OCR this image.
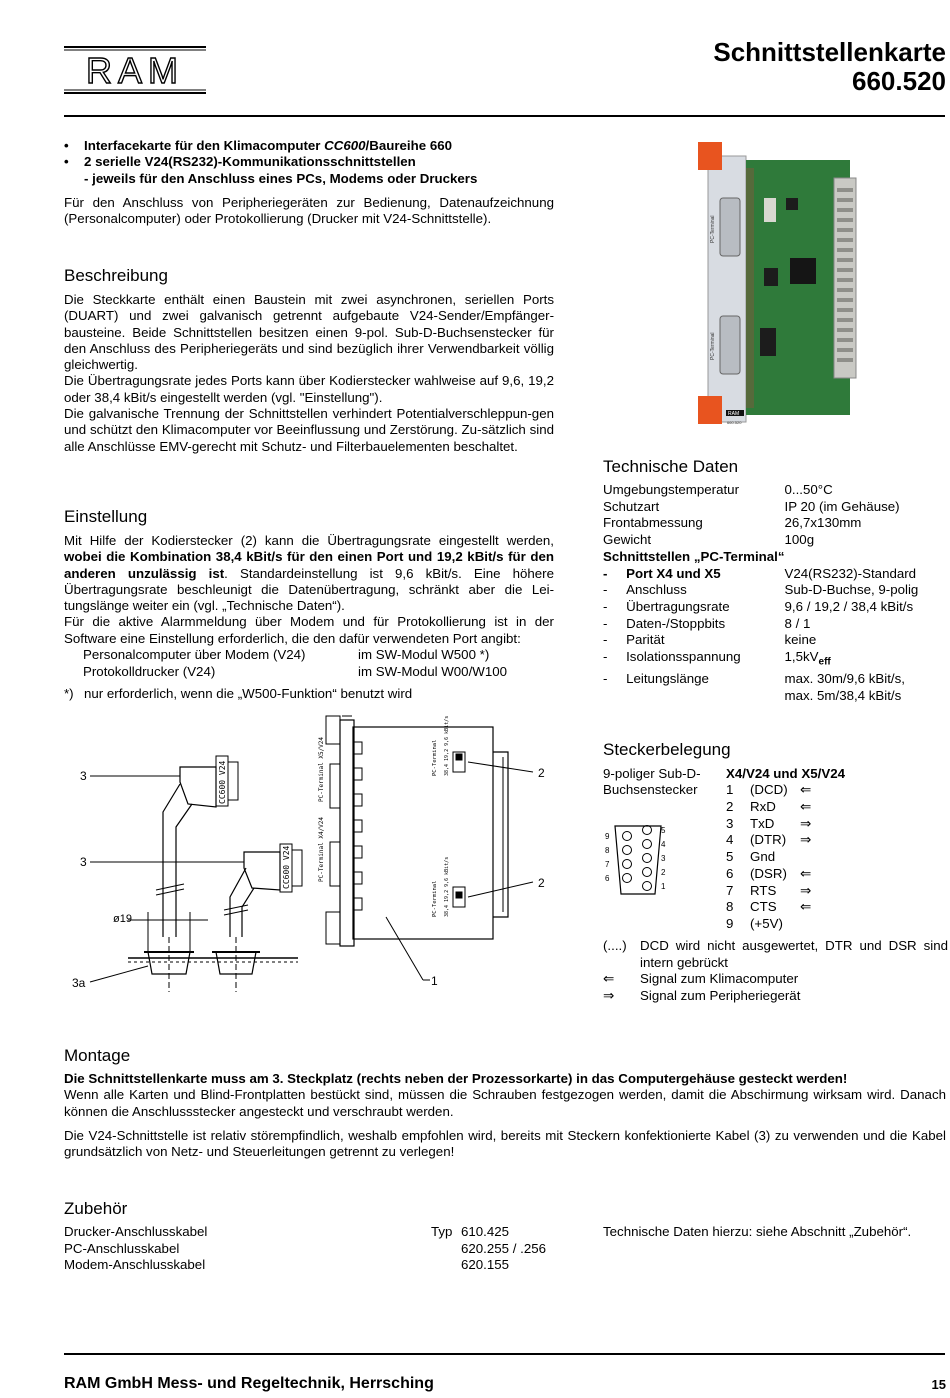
RAM	Schnittstellenkarte
660.520
• Interfacekarte für den Klimacomputer CC600/Baureihe 660
• 2 serielle V24(RS232)-Kommunikationsschnittstellen
- jeweils für den Anschluss eines PCs, Modems oder Druckers

Für den Anschluss von Peripheriegeräten zur Bedienung, Datenaufzeichnung (Personalcomputer) oder Protokollierung (Drucker mit V24-Schnittstelle).

Beschreibung

Die Steckkarte enthält einen Baustein mit zwei asynchronen, seriellen Ports (DUART) und zwei galvanisch getrennt aufgebaute V24-Sender/Empfänger-bausteine. Beide Schnittstellen besitzen einen 9-pol. Sub-D-Buchsenstecker für den Anschluss des Peripheriegeräts und sind bezüglich ihrer Verwendbarkeit völlig gleichwertig.

Die Übertragungsrate jedes Ports kann über Kodierstecker wahlweise auf 9,6, 19,2 oder 38,4 kBit/s eingestellt werden (vgl. "Einstellung").

Die galvanische Trennung der Schnittstellen verhindert Potentialverschleppun-gen und schützt den Klimacomputer vor Beeinflussung und Zerstörung. Zu-sätzlich sind alle Anschlüsse EMV-gerecht mit Schutz- und Filterbauelementen beschaltet.

Einstellung

Mit Hilfe der Kodierstecker (2) kann die Übertragungsrate eingestellt werden, wobei die Kombination 38,4 kBit/s für den einen Port und 19,2 kBit/s für den anderen unzulässig ist. Standardeinstellung ist 9,6 kBit/s. Eine höhere Übertragungsrate beschleunigt die Datenübertragung, schränkt aber die Lei-tungslänge weiter ein (vgl. „Technische Daten“).

Für die aktive Alarmmeldung über Modem und für Protokollierung ist in der Software eine Einstellung erforderlich, die den dafür verwendeten Port angibt:

Personalcomputer über Modem (V24)	im SW-Modul W500 *)
Protokolldrucker (V24)	im SW-Modul W00/W100
*) nur erforderlich, wenn die „W500-Funktion“ benutzt wird
3
3
3a
ø19
2
2
1
CC600 V24
CC600 V24
PC-Terminal X5/V24
PC-Terminal X4/V24
PC-Terminal 38,4 19,2 9,6 kBit/s
PC-Terminal 38,4 19,2 9,6 kBit/s
PC-Terminal
PC-Terminal
RAM
660.520
Technische Daten
Umgebungstemperatur		0...50°C
Schutzart		IP 20 (im Gehäuse)
Frontabmessung		26,7x130mm
Gewicht		100g
Schnittstellen „PC-Terminal“		
-	Port X4 und X5	V24(RS232)-Standard
-	Anschluss	Sub-D-Buchse, 9-polig
-	Übertragungsrate	9,6 / 19,2 / 38,4 kBit/s
-	Daten-/Stoppbits	8 / 1
-	Parität	keine
-	Isolationsspannung	$1,5kV_{eff}$
-	Leitungslänge	max. 30m/9,6 kBit/s,
		max. 5m/38,4 kBit/s
Steckerbelegung
9-poliger Sub-D-
Buchsenstecker
9
8
7
6
5
4
3
2
1
X4/V24 und X5/V24
1	(DCD)	⇐
2	RxD	⇐
3	TxD	⇒
4	(DTR)	⇒
5	Gnd	
6	(DSR)	⇐
7	RTS	⇒
8	CTS	⇐
9	(+5V)	
(....)	DCD wird nicht ausgewertet, DTR und DSR sind intern gebrückt
⇐	Signal zum Klimacomputer
⇒	Signal zum Peripheriegerät
Montage

Die Schnittstellenkarte muss am 3. Steckplatz (rechts neben der Prozessorkarte) in das Computergehäuse gesteckt werden!

Wenn alle Karten und Blind-Frontplatten bestückt sind, müssen die Schrauben festgezogen werden, damit die Abschirmung wirksam wird. Danach können die Anschlussstecker angesteckt und verschraubt werden.

Die V24-Schnittstelle ist relativ störempfindlich, weshalb empfohlen wird, bereits mit Steckern konfektionierte Kabel (3) zu verwenden und die Kabel grundsätzlich von Netz- und Steuerleitungen getrennt zu verlegen!

Zubehör
Drucker-Anschlusskabel	Typ	610.425
PC-Anschlusskabel		620.255 / .256
Modem-Anschlusskabel		620.155
Technische Daten hierzu: siehe Abschnitt „Zubehör“.
RAM GmbH Mess- und Regeltechnik, Herrsching	15
